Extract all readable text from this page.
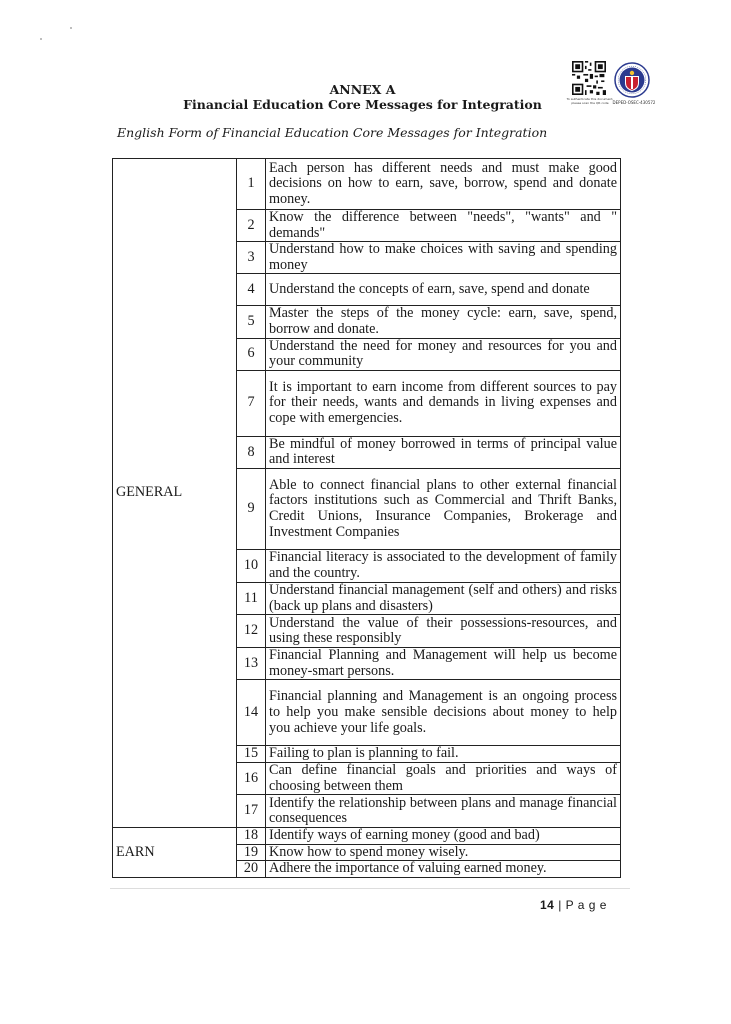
To authenticate this document, please scan the QR code DEPED-OSEC-430572
ANNEX A
Financial Education Core Messages for Integration
English Form of Financial Education Core Messages for Integration
GENERAL	1	Each person has different needs and must make good decisions on how to earn, save, borrow, spend and donate money.
	2	Know the difference between "needs", "wants" and " demands"
	3	Understand how to make choices with saving and spending money
	4	Understand the concepts of earn, save, spend and donate
	5	Master the steps of the money cycle: earn, save, spend, borrow and donate.
	6	Understand the need for money and resources for you and your community
	7	It is important to earn income from different sources to pay for their needs, wants and demands in living expenses and cope with emergencies.
	8	Be mindful of money borrowed in terms of principal value and interest
	9	Able to connect financial plans to other external financial factors institutions such as Commercial and Thrift Banks, Credit Unions, Insurance Companies, Brokerage and Investment Companies
	10	Financial literacy is associated to the development of family and the country.
	11	Understand financial management (self and others) and risks (back up plans and disasters)
	12	Understand the value of their possessions-resources, and using these responsibly
	13	Financial Planning and Management will help us become money-smart persons.
	14	Financial planning and Management is an ongoing process to help you make sensible decisions about money to help you achieve your life goals.
	15	Failing to plan is planning to fail.
	16	Can define financial goals and priorities and ways of choosing between them
	17	Identify the relationship between plans and manage financial consequences
EARN	18	Identify ways of earning money (good and bad)
	19	Know how to spend money wisely.
	20	Adhere the importance of valuing earned money.
14 | P a g e
